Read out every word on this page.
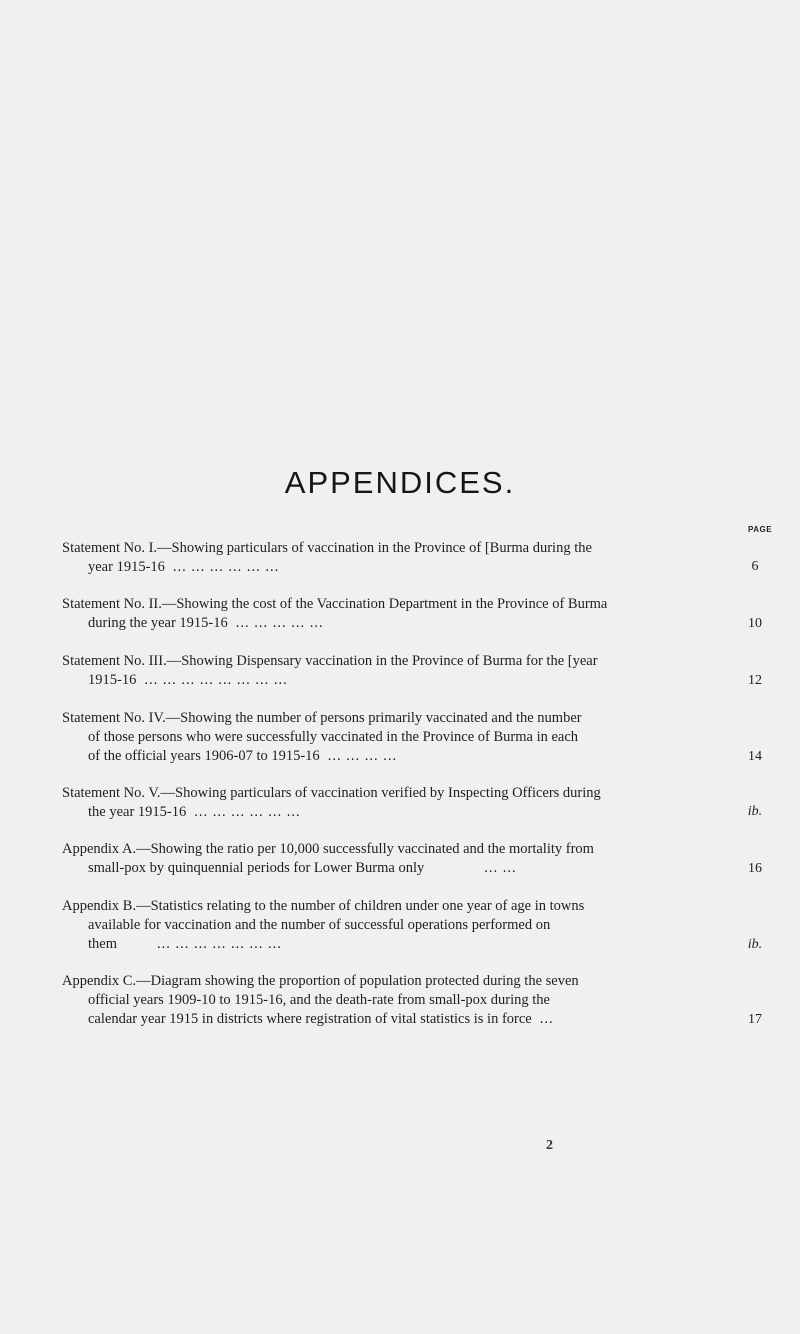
APPENDICES.
PAGE
Statement No. I.—Showing particulars of vaccination in the Province of [Burma during the
year 1915-16 ... ... ... ... ... ...	6
Statement No. II.—Showing the cost of the Vaccination Department in the Province of Burma
during the year 1915-16 ... ... ... ... ...	10
Statement No. III.—Showing Dispensary vaccination in the Province of Burma for the [year
1915-16 ... ... ... ... ... ... ... ...	12
Statement No. IV.—Showing the number of persons primarily vaccinated and the number
of those persons who were successfully vaccinated in the Province of Burma in each
of the official years 1906-07 to 1915-16 ... ... ... ...	14
Statement No. V.—Showing particulars of vaccination verified by Inspecting Officers during
the year 1915-16 ... ... ... ... ... ...	ib.
Appendix A.—Showing the ratio per 10,000 successfully vaccinated and the mortality from
small-pox by quinquennial periods for Lower Burma only	... ...	16
Appendix B.—Statistics relating to the number of children under one year of age in towns
available for vaccination and the number of successful operations performed on
them	... ... ... ... ... ... ...	ib.
Appendix C.—Diagram showing the proportion of population protected during the seven
official years 1909-10 to 1915-16, and the death-rate from small-pox during the
calendar year 1915 in districts where registration of vital statistics is in force ...	17
2
